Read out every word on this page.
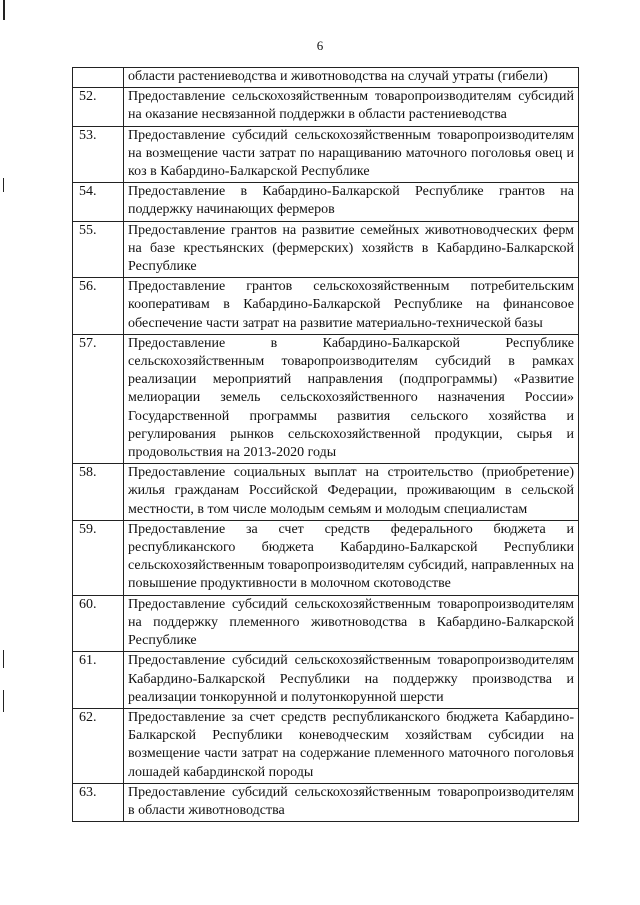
6
	области растениеводства и животноводства на случай утраты (гибели)
52.	Предоставление сельскохозяйственным товаропроизводителям субсидий на оказание несвязанной поддержки в области растениеводства
53.	Предоставление субсидий сельскохозяйственным товаропроизводителям на возмещение части затрат по наращиванию маточного поголовья овец и коз в Кабардино-Балкарской Республике
54.	Предоставление в Кабардино-Балкарской Республике грантов на поддержку начинающих фермеров
55.	Предоставление грантов на развитие семейных животноводческих ферм на базе крестьянских (фермерских) хозяйств в Кабардино-Балкарской Республике
56.	Предоставление грантов сельскохозяйственным потребительским кооперативам в Кабардино-Балкарской Республике на финансовое обеспечение части затрат на развитие материально-технической базы
57.	Предоставление в Кабардино-Балкарской Республике сельскохозяйственным товаропроизводителям субсидий в рамках реализации мероприятий направления (подпрограммы) «Развитие мелиорации земель сельскохозяйственного назначения России» Государственной программы развития сельского хозяйства и регулирования рынков сельскохозяйственной продукции, сырья и продовольствия на 2013-2020 годы
58.	Предоставление социальных выплат на строительство (приобретение) жилья гражданам Российской Федерации, проживающим в сельской местности, в том числе молодым семьям и молодым специалистам
59.	Предоставление за счет средств федерального бюджета и республиканского бюджета Кабардино-Балкарской Республики сельскохозяйственным товаропроизводителям субсидий, направленных на повышение продуктивности в молочном скотоводстве
60.	Предоставление субсидий сельскохозяйственным товаропроизводителям на поддержку племенного животноводства в Кабардино-Балкарской Республике
61.	Предоставление субсидий сельскохозяйственным товаропроизводителям Кабардино-Балкарской Республики на поддержку производства и реализации тонкорунной и полутонкорунной шерсти
62.	Предоставление за счет средств республиканского бюджета Кабардино-Балкарской Республики коневодческим хозяйствам субсидии на возмещение части затрат на содержание племенного маточного поголовья лошадей кабардинской породы
63.	Предоставление субсидий сельскохозяйственным товаропроизводителям в области животноводства
